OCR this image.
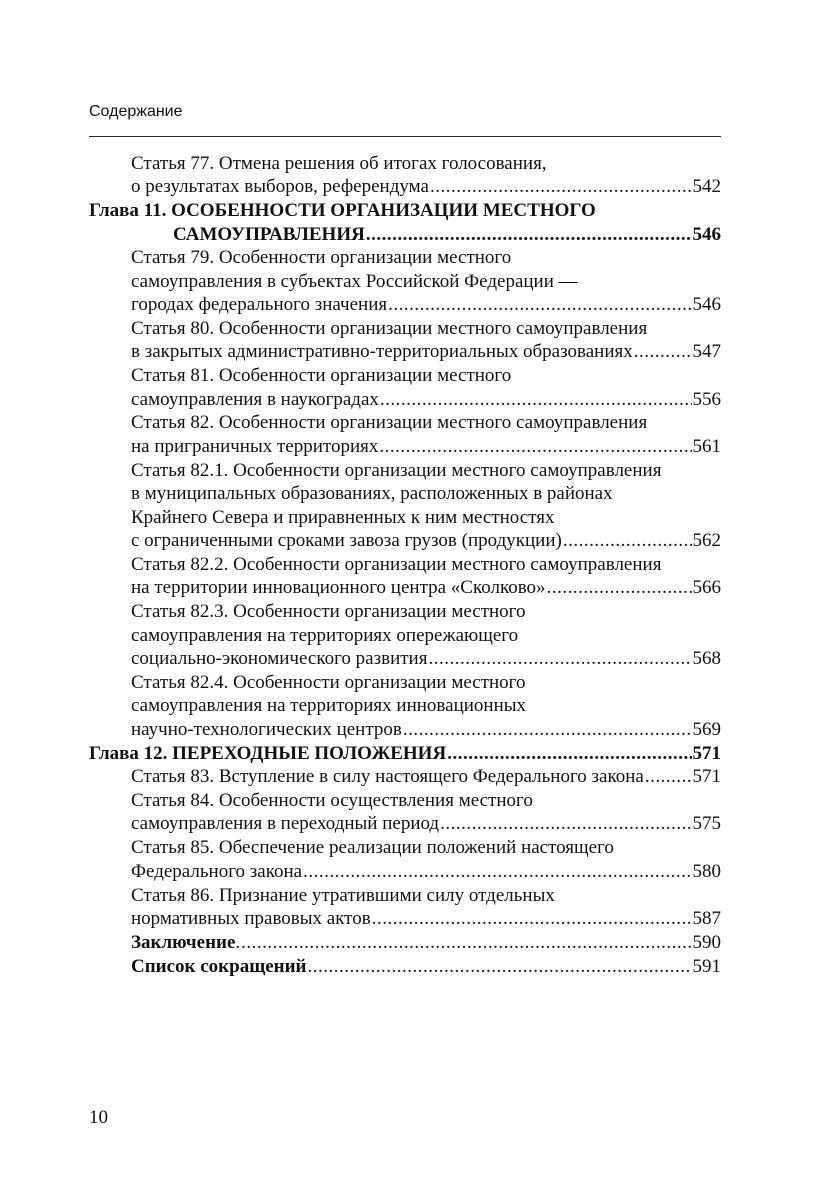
Содержание
Статья 77. Отмена решения об итогах голосования,
о результатах выборов, референдума .....	542
Глава 11. ОСОБЕННОСТИ ОРГАНИЗАЦИИ МЕСТНОГО
САМОУПРАВЛЕНИЯ .....	546
Статья 79. Особенности организации местного
самоуправления в субъектах Российской Федерации —
городах федерального значения .....	546
Статья 80. Особенности организации местного самоуправления
в закрытых административно-территориальных образованиях .....	547
Статья 81. Особенности организации местного
самоуправления в наукоградах .....	556
Статья 82. Особенности организации местного самоуправления
на приграничных территориях .....	561
Статья 82.1. Особенности организации местного самоуправления
в муниципальных образованиях, расположенных в районах
Крайнего Севера и приравненных к ним местностях
с ограниченными сроками завоза грузов (продукции) .....	562
Статья 82.2. Особенности организации местного самоуправления
на территории инновационного центра «Сколково» .....	566
Статья 82.3. Особенности организации местного
самоуправления на территориях опережающего
социально-экономического развития .....	568
Статья 82.4. Особенности организации местного
самоуправления на территориях инновационных
научно-технологических центров .....	569
Глава 12. ПЕРЕХОДНЫЕ ПОЛОЖЕНИЯ .....	571
Статья 83. Вступление в силу настоящего Федерального закона .....	571
Статья 84. Особенности осуществления местного
самоуправления в переходный период .....	575
Статья 85. Обеспечение реализации положений настоящего
Федерального закона .....	580
Статья 86. Признание утратившими силу отдельных
нормативных правовых актов .....	587
Заключение. .....	590
Список сокращений .....	591
10
